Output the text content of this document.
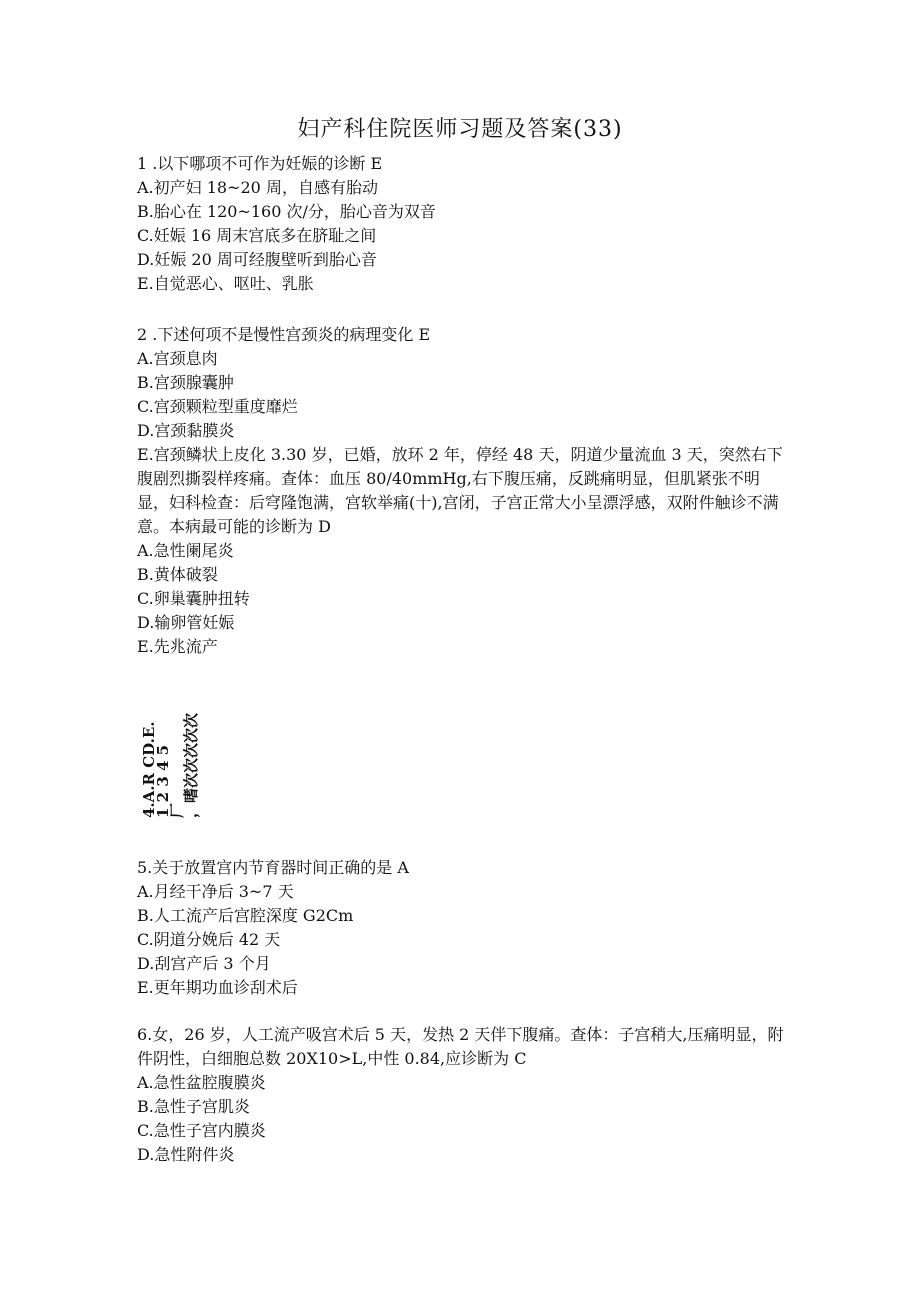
妇产科住院医师习题及答案(33)
1 .以下哪项不可作为妊娠的诊断 E
A.初产妇 18~20 周，自感有胎动
B.胎心在 120~160 次/分，胎心音为双音
C.妊娠 16 周末宫底多在脐耻之间
D.妊娠 20 周可经腹壁听到胎心音
E.自觉恶心、呕吐、乳胀
2 .下述何项不是慢性宫颈炎的病理变化 E
A.宫颈息肉
B.宫颈腺囊肿
C.宫颈颗粒型重度靡烂
D.宫颈黏膜炎
E.宫颈鳞状上皮化 3.30 岁，已婚，放环 2 年，停经 48 天，阴道少量流血 3 天，突然右下腹剧烈撕裂样疼痛。查体：血压 80/40mmHg,右下腹压痛，反跳痛明显，但肌紧张不明显，妇科检查：后穹隆饱满，宫软举痛(十),宫闭，子宫正常大小呈漂浮感，双附件触诊不满意。本病最可能的诊断为 D
A.急性阑尾炎
B.黄体破裂
C.卵巢囊肿扭转
D.输卵管妊娠
E.先兆流产
4.A.R CD.E.
1 2 3 4 5
厂
，嗜次次次次次
5.关于放置宫内节育器时间正确的是 A
A.月经干净后 3~7 天
B.人工流产后宫腔深度 G2Cm
C.阴道分娩后 42 天
D.刮宫产后 3 个月
E.更年期功血诊刮术后
6.女，26 岁，人工流产吸宫术后 5 天，发热 2 天伴下腹痛。查体：子宫稍大,压痛明显，附件阴性，白细胞总数 20X10>L,中性 0.84,应诊断为 C
A.急性盆腔腹膜炎
B.急性子宫肌炎
C.急性子宫内膜炎
D.急性附件炎
